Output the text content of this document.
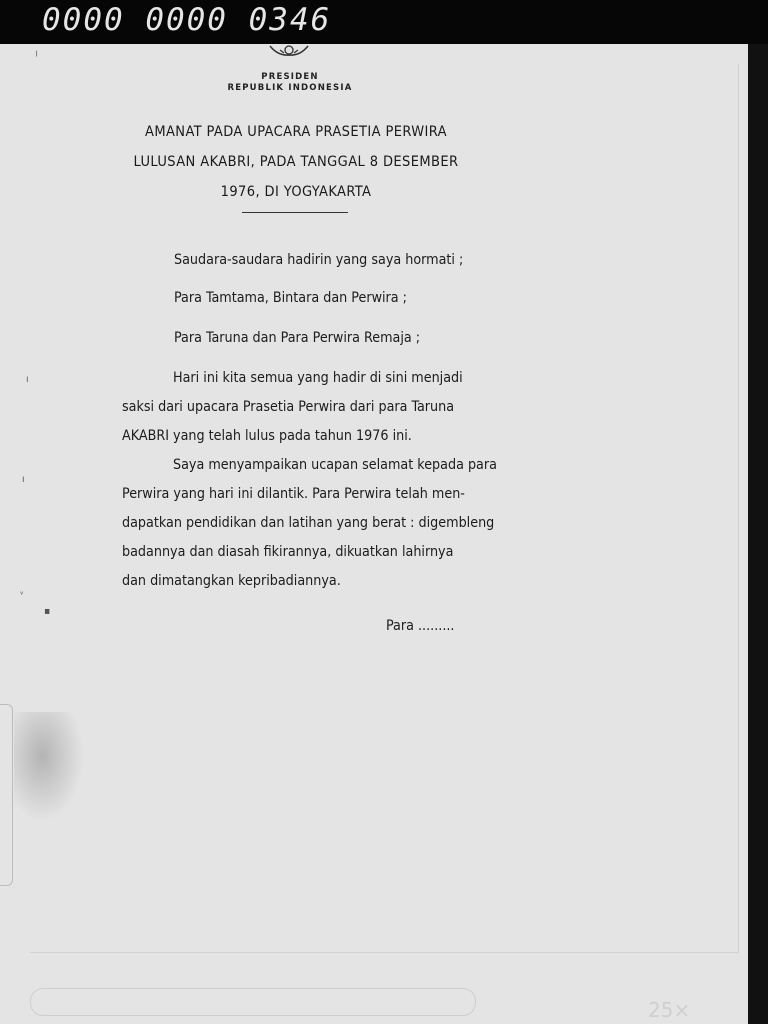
0000 0000 0346
PRESIDEN
REPUBLIK INDONESIA
AMANAT PADA UPACARA PRASETIA PERWIRA
LULUSAN AKABRI, PADA TANGGAL 8 DESEMBER
1976, DI YOGYAKARTA
Saudara-saudara hadirin yang saya hormati ;
Para Tamtama, Bintara dan Perwira ;
Para Taruna dan Para Perwira Remaja ;
Hari ini kita semua yang hadir di sini menjadi
saksi dari upacara Prasetia Perwira dari para Taruna
AKABRI yang telah lulus pada tahun 1976 ini.
Saya menyampaikan ucapan selamat kepada para
Perwira yang hari ini dilantik. Para Perwira telah men-
dapatkan pendidikan dan latihan yang berat : digembleng
badannya dan diasah fikirannya, dikuatkan lahirnya
dan dimatangkan kepribadiannya.
Para .........
╵
ı
ı
ᵛ
▪
25×
